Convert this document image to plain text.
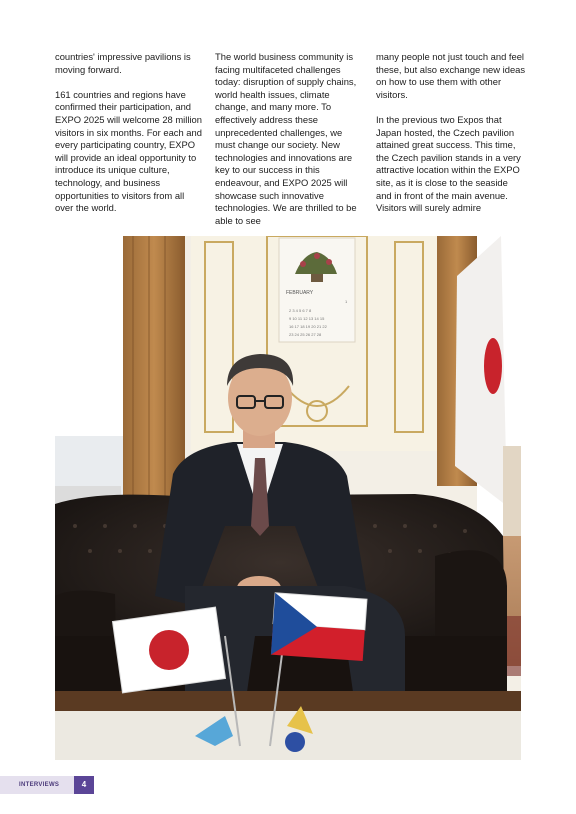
countries' impressive pavilions is moving forward.

161 countries and regions have confirmed their participation, and EXPO 2025 will welcome 28 million visitors in six months. For each and every participating country, EXPO will provide an ideal opportunity to introduce its unique culture, technology, and business opportunities to visitors from all over the world.

The world business community is facing multifaceted challenges today: disruption of supply chains, world health issues, climate change, and many more. To effectively address these unprecedented challenges, we must change our society. New technologies and innovations are key to our success in this endeavour, and EXPO 2025 will showcase such innovative technologies. We are thrilled to be able to see

many people not just touch and feel these, but also exchange new ideas on how to use them with other visitors.

In the previous two Expos that Japan hosted, the Czech pavilion attained great success. This time, the Czech pavilion stands in a very attractive location within the EXPO site, as it is close to the seaside and in front of the main avenue. Visitors will surely admire

FEBRUARY
1
2 3 4 5 6 7 8
9 10 11 12 13 14 15
16 17 18 19 20 21 22
23 24 25 26 27 28
INTERVIEWS	4
